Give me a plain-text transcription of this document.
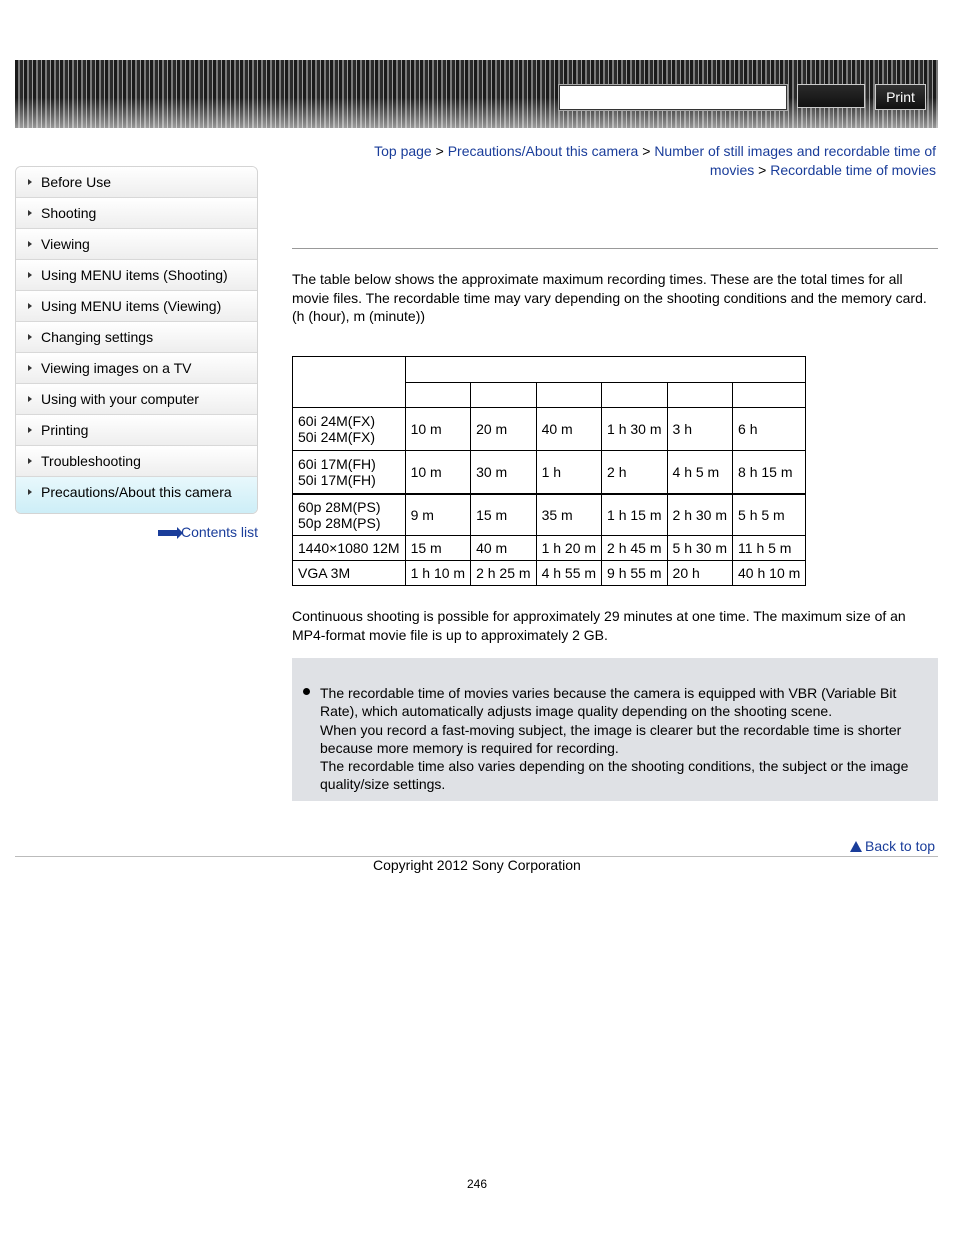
Print
Before Use
Shooting
Viewing
Using MENU items (Shooting)
Using MENU items (Viewing)
Changing settings
Viewing images on a TV
Using with your computer
Printing
Troubleshooting
Precautions/About this camera
Contents list
Top page > Precautions/About this camera > Number of still images and recordable time of movies > Recordable time of movies
The table below shows the approximate maximum recording times. These are the total times for all movie files. The recordable time may vary depending on the shooting conditions and the memory card.
(h (hour), m (minute))

60i 24M(FX)
50i 24M(FX)	10 m	20 m	40 m	1 h 30 m	3 h	6 h

60i 17M(FH)
50i 17M(FH)	10 m	30 m	1 h	2 h	4 h 5 m	8 h 15 m

60p 28M(PS)
50p 28M(PS)	9 m	15 m	35 m	1 h 15 m	2 h 30 m	5 h 5 m
1440×1080 12M	15 m	40 m	1 h 20 m	2 h 45 m	5 h 30 m	11 h 5 m
VGA 3M	1 h 10 m	2 h 25 m	4 h 55 m	9 h 55 m	20 h	40 h 10 m
Continuous shooting is possible for approximately 29 minutes at one time. The maximum size of an MP4-format movie file is up to approximately 2 GB.
The recordable time of movies varies because the camera is equipped with VBR (Variable Bit Rate), which automatically adjusts image quality depending on the shooting scene.
When you record a fast-moving subject, the image is clearer but the recordable time is shorter because more memory is required for recording.
The recordable time also varies depending on the shooting conditions, the subject or the image quality/size settings.
Back to top
Copyright 2012 Sony Corporation
246
